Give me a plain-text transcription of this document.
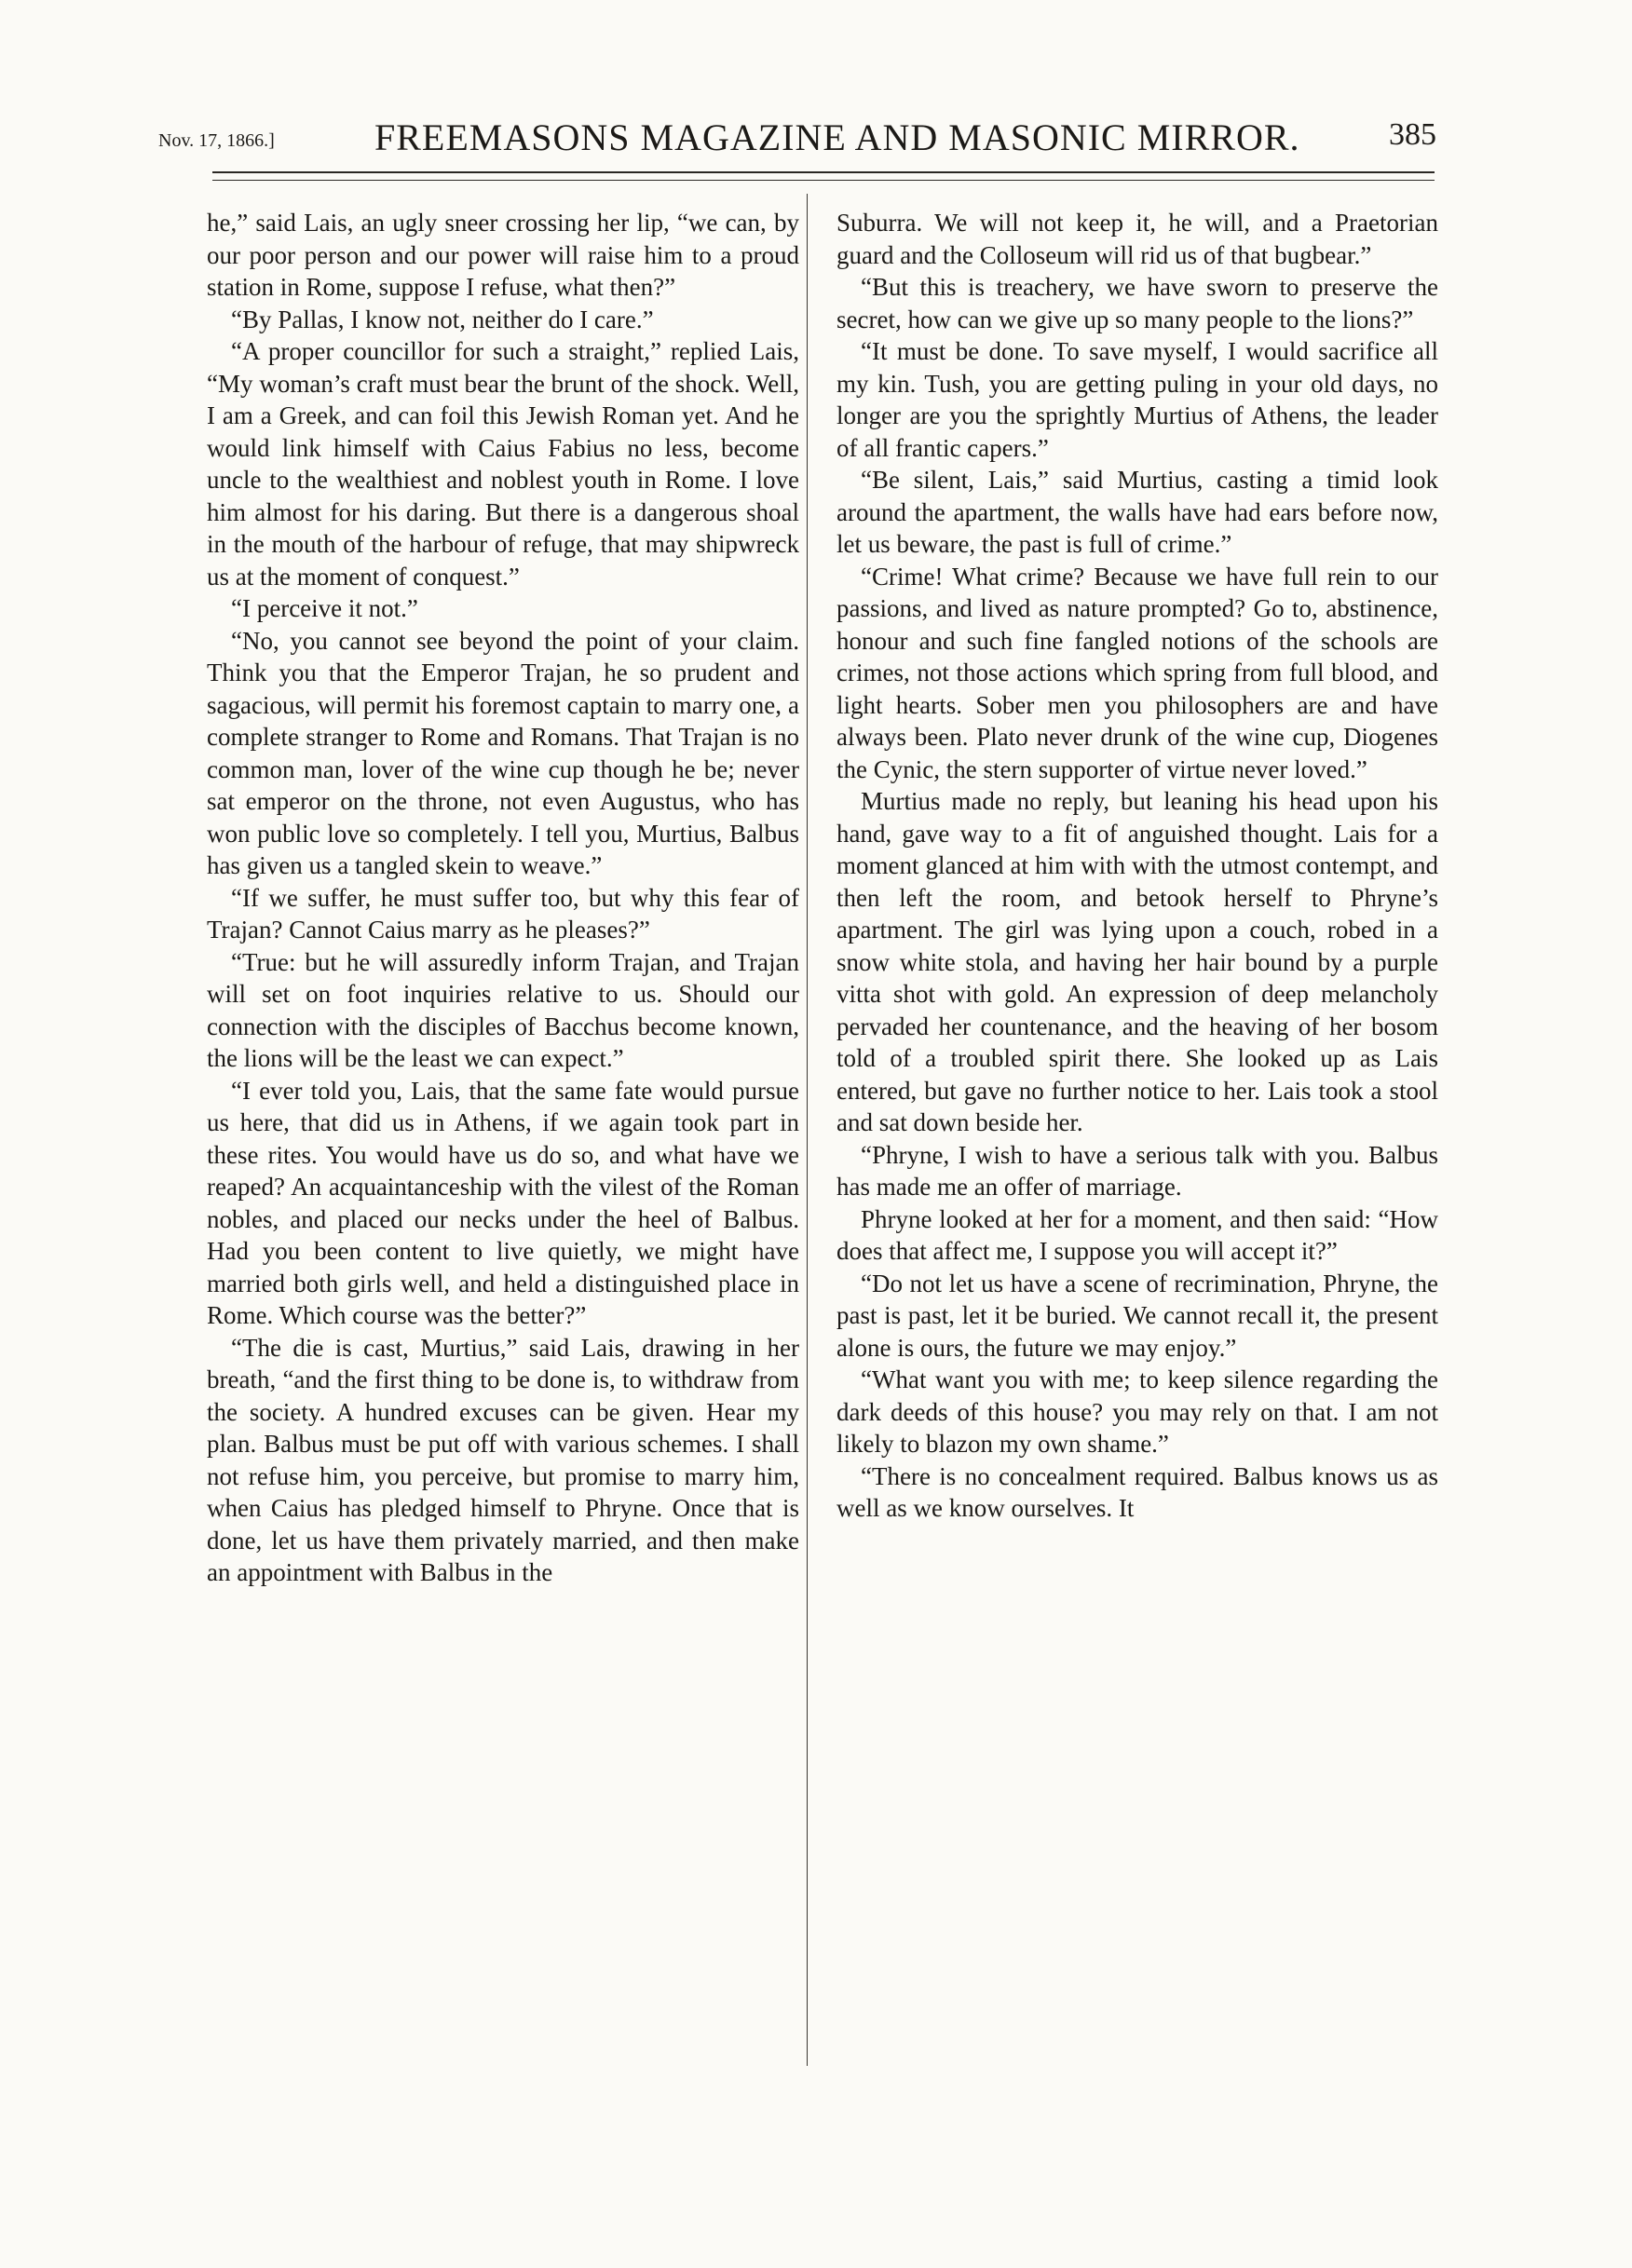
Nov. 17, 1866.]	FREEMASONS MAGAZINE AND MASONIC MIRROR.	385

he,” said Lais, an ugly sneer crossing her lip, “we can, by our poor person and our power will raise him to a proud station in Rome, suppose I refuse, what then?”

“By Pallas, I know not, neither do I care.”

“A proper councillor for such a straight,” replied Lais, “My woman’s craft must bear the brunt of the shock. Well, I am a Greek, and can foil this Jewish Roman yet. And he would link himself with Caius Fabius no less, become uncle to the wealthiest and noblest youth in Rome. I love him almost for his daring. But there is a dangerous shoal in the mouth of the harbour of refuge, that may shipwreck us at the moment of conquest.”

“I perceive it not.”

“No, you cannot see beyond the point of your claim. Think you that the Emperor Trajan, he so prudent and sagacious, will permit his foremost captain to marry one, a complete stranger to Rome and Romans. That Trajan is no common man, lover of the wine cup though he be; never sat emperor on the throne, not even Augustus, who has won public love so completely. I tell you, Murtius, Balbus has given us a tangled skein to weave.”

“If we suffer, he must suffer too, but why this fear of Trajan? Cannot Caius marry as he pleases?”

“True: but he will assuredly inform Trajan, and Trajan will set on foot inquiries relative to us. Should our connection with the disciples of Bacchus become known, the lions will be the least we can expect.”

“I ever told you, Lais, that the same fate would pursue us here, that did us in Athens, if we again took part in these rites. You would have us do so, and what have we reaped? An acquaintanceship with the vilest of the Roman nobles, and placed our necks under the heel of Balbus. Had you been content to live quietly, we might have married both girls well, and held a distinguished place in Rome. Which course was the better?”

“The die is cast, Murtius,” said Lais, drawing in her breath, “and the first thing to be done is, to withdraw from the society. A hundred excuses can be given. Hear my plan. Balbus must be put off with various schemes. I shall not refuse him, you perceive, but promise to marry him, when Caius has pledged himself to Phryne. Once that is done, let us have them privately married, and then make an appointment with Balbus in the

Suburra. We will not keep it, he will, and a Praetorian guard and the Colloseum will rid us of that bugbear.”

“But this is treachery, we have sworn to preserve the secret, how can we give up so many people to the lions?”

“It must be done. To save myself, I would sacrifice all my kin. Tush, you are getting puling in your old days, no longer are you the sprightly Murtius of Athens, the leader of all frantic capers.”

“Be silent, Lais,” said Murtius, casting a timid look around the apartment, the walls have had ears before now, let us beware, the past is full of crime.”

“Crime! What crime? Because we have full rein to our passions, and lived as nature prompted? Go to, abstinence, honour and such fine fangled notions of the schools are crimes, not those actions which spring from full blood, and light hearts. Sober men you philosophers are and have always been. Plato never drunk of the wine cup, Diogenes the Cynic, the stern supporter of virtue never loved.”

Murtius made no reply, but leaning his head upon his hand, gave way to a fit of anguished thought. Lais for a moment glanced at him with with the utmost contempt, and then left the room, and betook herself to Phryne’s apartment. The girl was lying upon a couch, robed in a snow white stola, and having her hair bound by a purple vitta shot with gold. An expression of deep melancholy pervaded her countenance, and the heaving of her bosom told of a troubled spirit there. She looked up as Lais entered, but gave no further notice to her. Lais took a stool and sat down beside her.

“Phryne, I wish to have a serious talk with you. Balbus has made me an offer of marriage.

Phryne looked at her for a moment, and then said: “How does that affect me, I suppose you will accept it?”

“Do not let us have a scene of recrimination, Phryne, the past is past, let it be buried. We cannot recall it, the present alone is ours, the future we may enjoy.”

“What want you with me; to keep silence regarding the dark deeds of this house? you may rely on that. I am not likely to blazon my own shame.”

“There is no concealment required. Balbus knows us as well as we know ourselves. It
